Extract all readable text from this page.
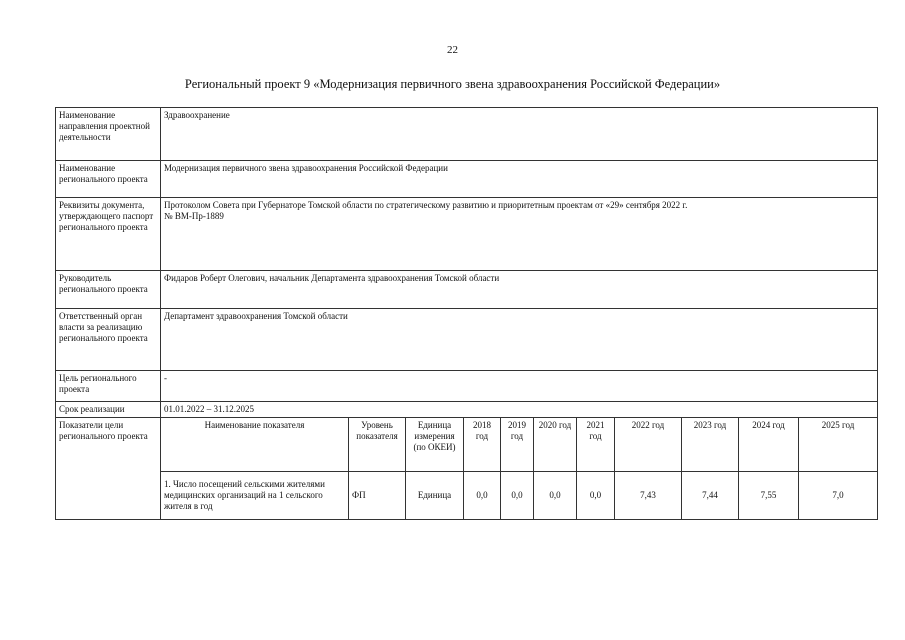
22
Региональный проект 9 «Модернизация первичного звена здравоохранения Российской Федерации»
Наименование направления проектной деятельности	Здравоохранение										
Наименование регионального проекта	Модернизация первичного звена здравоохранения Российской Федерации										
Реквизиты документа, утверждающего паспорт регионального проекта	Протоколом Совета при Губернаторе Томской области по стратегическому развитию и приоритетным проектам от «29» сентября 2022 г.
№ ВМ-Пр-1889										

Руководитель регионального проекта	Фидаров Роберт Олегович, начальник Департамента здравоохранения Томской области										
Ответственный орган власти за реализацию регионального проекта	Департамент здравоохранения Томской области										
Цель регионального проекта	-										
Срок реализации	01.01.2022 – 31.12.2025										
Показатели цели регионального проекта	Наименование показателя	Уровень показателя	Единица измерения (по ОКЕИ)	2018 год	2019 год	2020 год	2021 год	2022 год	2023 год	2024 год	2025 год
	1. Число посещений сельскими жителями медицинских организаций на 1 сельского жителя в год	ФП	Единица	0,0	0,0	0,0	0,0	7,43	7,44	7,55	7,0
